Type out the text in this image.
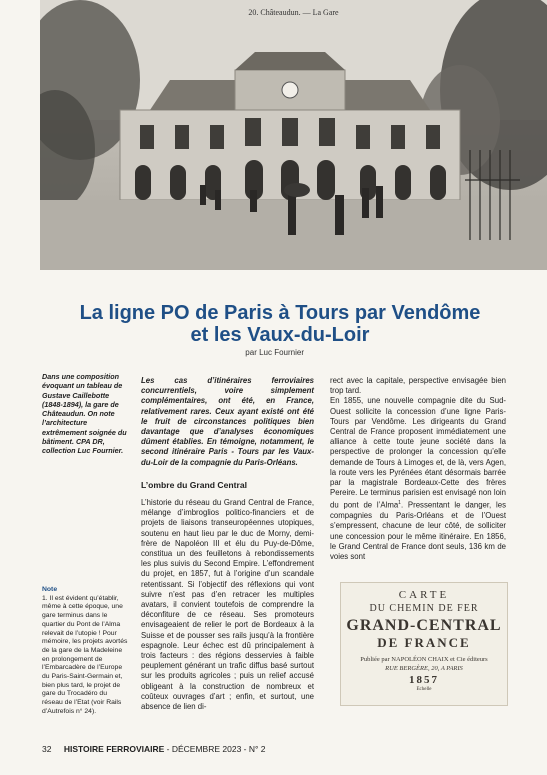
20. Châteaudun. — La Gare
La ligne PO de Paris à Tours par Vendôme
et les Vaux-du-Loir
par Luc Fournier
Dans une composition évoquant un tableau de Gustave Caillebotte (1848-1894), la gare de Châteaudun. On note l’architecture extrêmement soignée du bâtiment. CPA DR, collection Luc Fournier.
Note
1. Il est évident qu’établir, même à cette époque, une gare terminus dans le quartier du Pont de l’Alma relevait de l’utopie ! Pour mémoire, les projets avortés de la gare de la Madeleine en prolongement de l’Embarcadère de l’Europe du Paris-Saint-Germain et, bien plus tard, le projet de gare du Trocadéro du réseau de l’Etat (voir Rails d’Autrefois n° 24).

Les cas d’itinéraires ferroviaires concurrentiels, voire simplement complémentaires, ont été, en France, relativement rares. Ceux ayant existé ont été le fruit de circonstances politiques bien davantage que d’analyses économiques dûment établies. En témoigne, notamment, le second itinéraire Paris - Tours par les Vaux-du-Loir de la compagnie du Paris-Orléans.

L’ombre du Grand Central

L’historie du réseau du Grand Central de France, mélange d’imbroglios politico-financiers et de projets de liaisons transeuropéennes utopiques, soutenu en haut lieu par le duc de Morny, demi-frère de Napoléon III et élu du Puy-de-Dôme, constitua un des feuilletons à rebondissements les plus suivis du Second Empire. L’effondrement du projet, en 1857, fut à l’origine d’un scandale retentissant. Si l’objectif des réflexions qui vont suivre n’est pas d’en retracer les multiples avatars, il convient toutefois de comprendre la déconfiture de ce réseau. Ses promoteurs envisageaient de relier le port de Bordeaux à la Suisse et de pousser ses rails jusqu’à la frontière espagnole. Leur échec est dû principalement à trois facteurs : des régions desservies à faible peuplement générant un trafic diffus basé surtout sur les produits agricoles ; puis un relief accusé obligeant à la construction de nombreux et coûteux ouvrages d’art ; enfin, et surtout, une absence de lien di-

rect avec la capitale, perspective envisagée bien trop tard.

En 1855, une nouvelle compagnie dite du Sud-Ouest sollicite la concession d’une ligne Paris- Tours par Vendôme. Les dirigeants du Grand Central de France proposent immédiatement une alliance à cette toute jeune société dans la perspective de prolonger la concession qu’elle demande de Tours à Limoges et, de là, vers Agen, la route vers les Pyrénées étant désormais barrée par la magistrale Bordeaux-Cette des frères Pereire. Le terminus parisien est envisagé non loin du pont de l’Alma$^1$. Pressentant le danger, les compagnies du Paris-Orléans et de l’Ouest s’empressent, chacune de leur côté, de solliciter une concession pour le même itinéraire. En 1856, le Grand Central de France dont seuls, 136 km de voies sont

CARTE
DU CHEMIN DE FER
GRAND-CENTRAL
DE FRANCE
Publiée par NAPOLÉON CHAIX et Cie éditeurs
RUE BERGÈRE, 20, A PARIS
1857
Echelle
32 HISTOIRE FERROVIAIRE - DÉCEMBRE 2023 - N° 2
